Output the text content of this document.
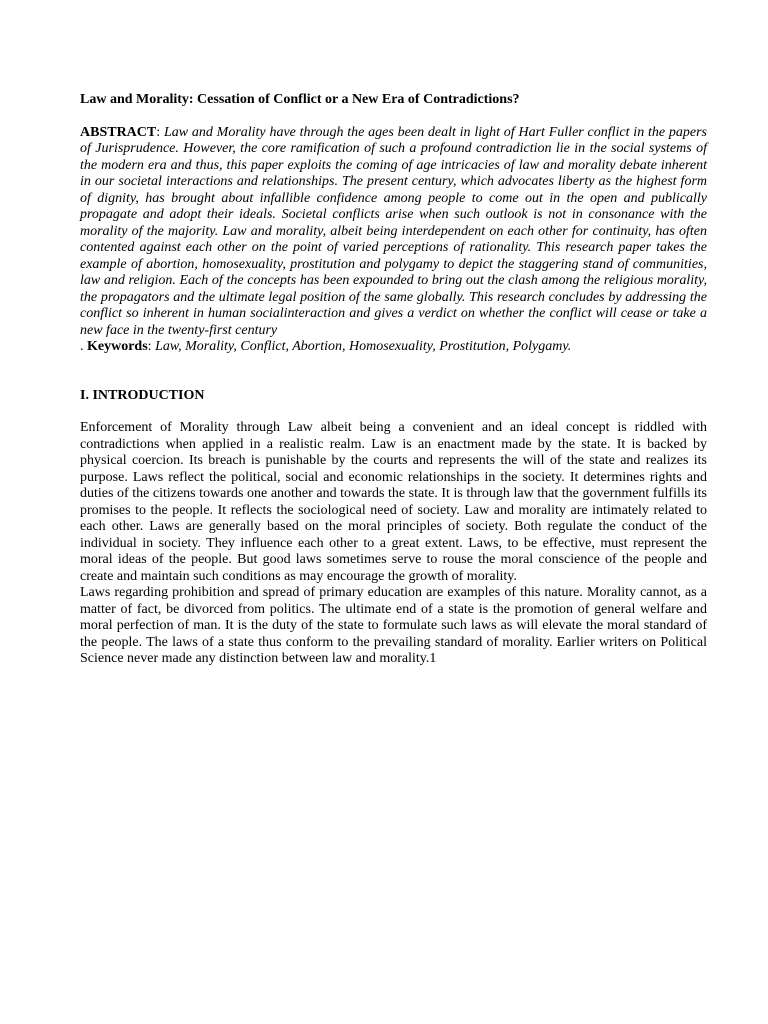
Law and Morality: Cessation of Conflict or a New Era of Contradictions?

ABSTRACT: Law and Morality have through the ages been dealt in light of Hart Fuller conflict in the papers of Jurisprudence. However, the core ramification of such a profound contradiction lie in the social systems of the modern era and thus, this paper exploits the coming of age intricacies of law and morality debate inherent in our societal interactions and relationships. The present century, which advocates liberty as the highest form of dignity, has brought about infallible confidence among people to come out in the open and publically propagate and adopt their ideals. Societal conflicts arise when such outlook is not in consonance with the morality of the majority. Law and morality, albeit being interdependent on each other for continuity, has often contented against each other on the point of varied perceptions of rationality. This research paper takes the example of abortion, homosexuality, prostitution and polygamy to depict the staggering stand of communities, law and religion. Each of the concepts has been expounded to bring out the clash among the religious morality, the propagators and the ultimate legal position of the same globally. This research concludes by addressing the conflict so inherent in human socialinteraction and gives a verdict on whether the conflict will cease or take a new face in the twenty-first century

. Keywords: Law, Morality, Conflict, Abortion, Homosexuality, Prostitution, Polygamy.

I. INTRODUCTION

Enforcement of Morality through Law albeit being a convenient and an ideal concept is riddled with contradictions when applied in a realistic realm. Law is an enactment made by the state. It is backed by physical coercion. Its breach is punishable by the courts and represents the will of the state and realizes its purpose. Laws reflect the political, social and economic relationships in the society. It determines rights and duties of the citizens towards one another and towards the state. It is through law that the government fulfills its promises to the people. It reflects the sociological need of society. Law and morality are intimately related to each other. Laws are generally based on the moral principles of society. Both regulate the conduct of the individual in society. They influence each other to a great extent. Laws, to be effective, must represent the moral ideas of the people. But good laws sometimes serve to rouse the moral conscience of the people and create and maintain such conditions as may encourage the growth of morality.

Laws regarding prohibition and spread of primary education are examples of this nature. Morality cannot, as a matter of fact, be divorced from politics. The ultimate end of a state is the promotion of general welfare and moral perfection of man. It is the duty of the state to formulate such laws as will elevate the moral standard of the people. The laws of a state thus conform to the prevailing standard of morality. Earlier writers on Political Science never made any distinction between law and morality.1
